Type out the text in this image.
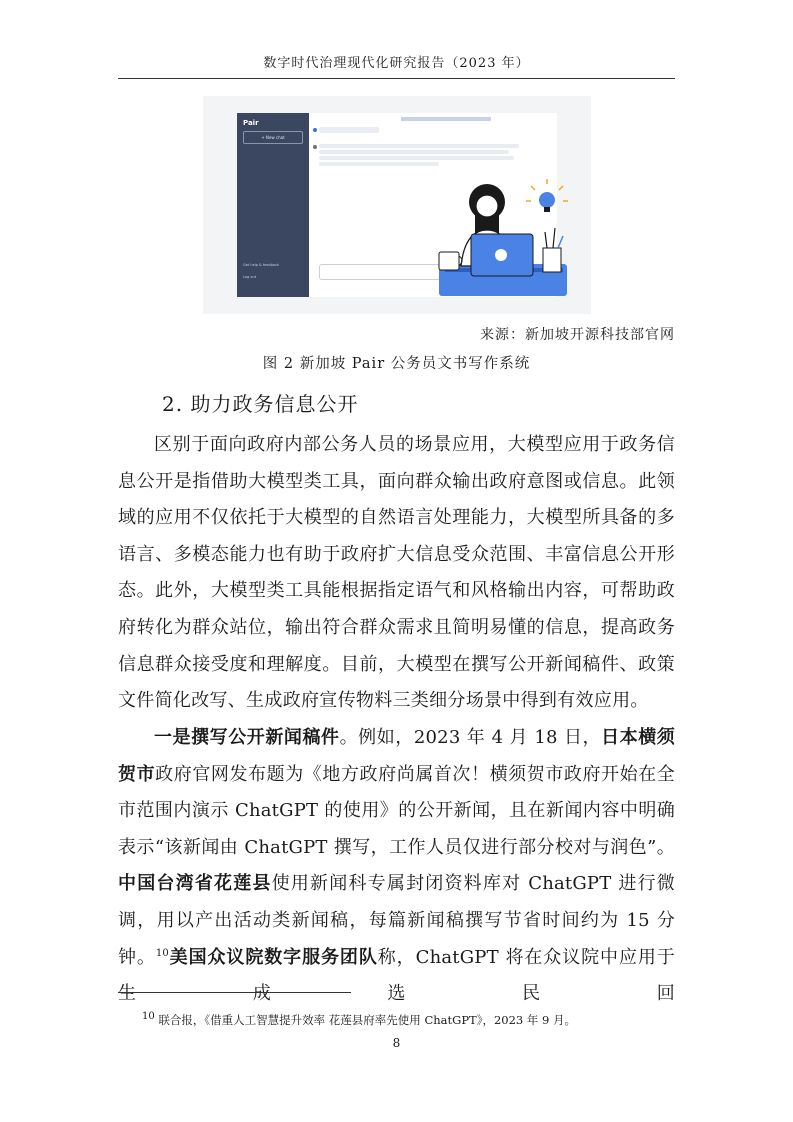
数字时代治理现代化研究报告（2023 年）
Pair
+ New chat
Get help & feedback
Log out
来源：新加坡开源科技部官网
图 2 新加坡 Pair 公务员文书写作系统
2. 助力政务信息公开
区别于面向政府内部公务人员的场景应用，大模型应用于政务信息公开是指借助大模型类工具，面向群众输出政府意图或信息。此领域的应用不仅依托于大模型的自然语言处理能力，大模型所具备的多语言、多模态能力也有助于政府扩大信息受众范围、丰富信息公开形态。此外，大模型类工具能根据指定语气和风格输出内容，可帮助政府转化为群众站位，输出符合群众需求且简明易懂的信息，提高政务信息群众接受度和理解度。目前，大模型在撰写公开新闻稿件、政策文件简化改写、生成政府宣传物料三类细分场景中得到有效应用。
一是撰写公开新闻稿件。例如，2023 年 4 月 18 日，日本横须贺市政府官网发布题为《地方政府尚属首次！横须贺市政府开始在全市范围内演示 ChatGPT 的使用》的公开新闻，且在新闻内容中明确表示“该新闻由 ChatGPT 撰写，工作人员仅进行部分校对与润色”。中国台湾省花莲县使用新闻科专属封闭资料库对 ChatGPT 进行微调，用以产出活动类新闻稿，每篇新闻稿撰写节省时间约为 15 分钟。$^{10}$美国众议院数字服务团队称，ChatGPT 将在众议院中应用于生成选民回
$^{10}$ 联合报，《借重人工智慧提升效率 花莲县府率先使用 ChatGPT》，2023 年 9 月。
8
